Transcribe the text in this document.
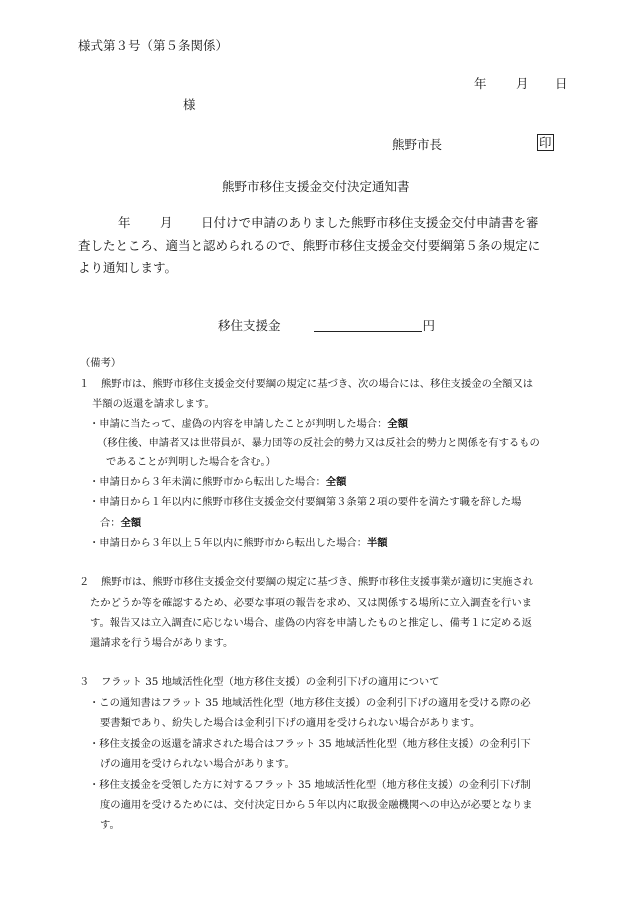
様式第３号（第５条関係）
年 月 日
様
熊野市長	印
熊野市移住支援金交付決定通知書
年 月 日付けで申請のありました熊野市移住支援金交付申請書を審
査したところ、適当と認められるので、熊野市移住支援金交付要綱第５条の規定に
より通知します。
移住支援金	円
（備考）
１ 熊野市は、熊野市移住支援金交付要綱の規定に基づき、次の場合には、移住支援金の全額又は
半額の返還を請求します。
・申請に当たって、虚偽の内容を申請したことが判明した場合：全額
（移住後、申請者又は世帯員が、暴力団等の反社会的勢力又は反社会的勢力と関係を有するもの
であることが判明した場合を含む。）
・申請日から３年未満に熊野市から転出した場合：全額
・申請日から１年以内に熊野市移住支援金交付要綱第３条第２項の要件を満たす職を辞した場
合：全額
・申請日から３年以上５年以内に熊野市から転出した場合：半額
２ 熊野市は、熊野市移住支援金交付要綱の規定に基づき、熊野市移住支援事業が適切に実施され
たかどうか等を確認するため、必要な事項の報告を求め、又は関係する場所に立入調査を行いま
す。報告又は立入調査に応じない場合、虚偽の内容を申請したものと推定し、備考１に定める返
還請求を行う場合があります。
３ フラット 35 地域活性化型（地方移住支援）の金利引下げの適用について
・この通知書はフラット 35 地域活性化型（地方移住支援）の金利引下げの適用を受ける際の必
要書類であり、紛失した場合は金利引下げの適用を受けられない場合があります。
・移住支援金の返還を請求された場合はフラット 35 地域活性化型（地方移住支援）の金利引下
げの適用を受けられない場合があります。
・移住支援金を受領した方に対するフラット 35 地域活性化型（地方移住支援）の金利引下げ制
度の適用を受けるためには、交付決定日から５年以内に取扱金融機関への申込が必要となりま
す。
